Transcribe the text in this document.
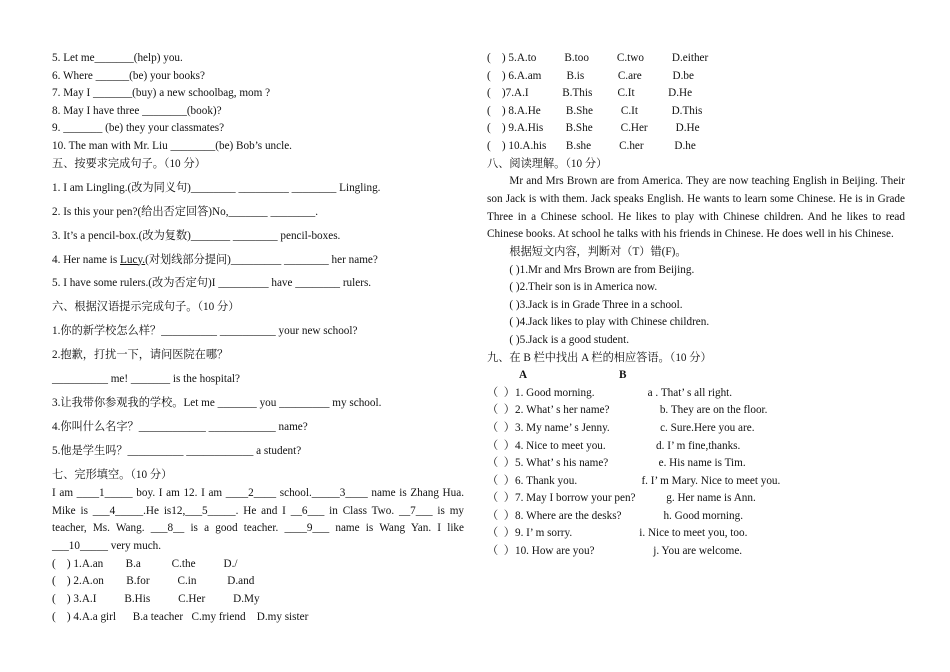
5. Let me_______(help) you.
6. Where ______(be) your books?
7. May I _______(buy) a new schoolbag, mom ?
8. May I have three ________(book)?
9. _______ (be) they your classmates?
10. The man with Mr. Liu ________(be) Bob’s uncle.
五、按要求完成句子。（10 分）
1. I am Lingling.(改为同义句)________ _________ ________ Lingling.
2. Is this your pen?(给出否定回答)No,_______ ________.
3. It’s a pencil-box.(改为复数)_______ ________ pencil-boxes.
4. Her name is Lucy.(对划线部分提问)_________ ________ her name?
5. I have some rulers.(改为否定句)I _________ have ________ rulers.
六、根据汉语提示完成句子。（10 分）
1.你的新学校怎么样？__________ __________ your new school?
2.抱歉，打扰一下，请问医院在哪？
__________ me! _______ is the hospital?
3.让我带你参观我的学校。Let me _______ you _________ my school.
4.你叫什么名字？____________ ____________ name?
5.他是学生吗？__________ ____________ a student?
七、完形填空。（10 分）
I am ____1_____ boy. I am 12. I am ____2____ school._____3____ name is Zhang Hua. Mike is ___4_____.He is12,___5_____. He and I __6___ in Class Two. __7___ is my teacher, Ms. Wang. ___8__ is a good teacher. ____9___ name is Wang Yan. I like ___10_____ very much.
(    ) 1.A.an        B.a           C.the          D./
(    ) 2.A.on        B.for          C.in           D.and
(    ) 3.A.I          B.His          C.Her          D.My
(    ) 4.A.a girl      B.a teacher   C.my friend    D.my sister
(    ) 5.A.to          B.too          C.two          D.either
(    ) 6.A.am         B.is            C.are           D.be
(    )7.A.I            B.This         C.It            D.He
(    ) 8.A.He         B.She          C.It            D.This
(    ) 9.A.His        B.She          C.Her          D.He
(    ) 10.A.his       B.she          C.her           D.he
八、阅读理解。（10 分）
Mr and Mrs Brown are from America. They are now teaching English in Beijing. Their son Jack is with them. Jack speaks English. He wants to learn some Chinese. He is in Grade Three in a Chinese school. He likes to play with Chinese children. And he likes to read Chinese books. At school he talks with his friends in Chinese. He does well in his Chinese.
根据短文内容，判断对（T）错(F)。
( )1.Mr and Mrs Brown are from Beijing.
( )2.Their son is in America now.
( )3.Jack is in Grade Three in a school.
( )4.Jack likes to play with Chinese children.
( )5.Jack is a good student.
九、在 B 栏中找出 A 栏的相应答语。（10 分）
A	B
（  ）1. Good morning.                   a . That’ s all right.
（  ）2. What’ s her name?                  b. They are on the floor.
（  ）3. My name’ s Jenny.                  c. Sure.Here you are.
（  ）4. Nice to meet you.                  d. I’ m fine,thanks.
（  ）5. What’ s his name?                  e. His name is Tim.
（  ）6. Thank you.                       f. I’ m Mary. Nice to meet you.
（  ）7. May I borrow your pen?           g. Her name is Ann.
（  ）8. Where are the desks?               h. Good morning.
（  ）9. I’ m sorry.                        i. Nice to meet you, too.
（  ）10. How are you?                     j. You are welcome.
